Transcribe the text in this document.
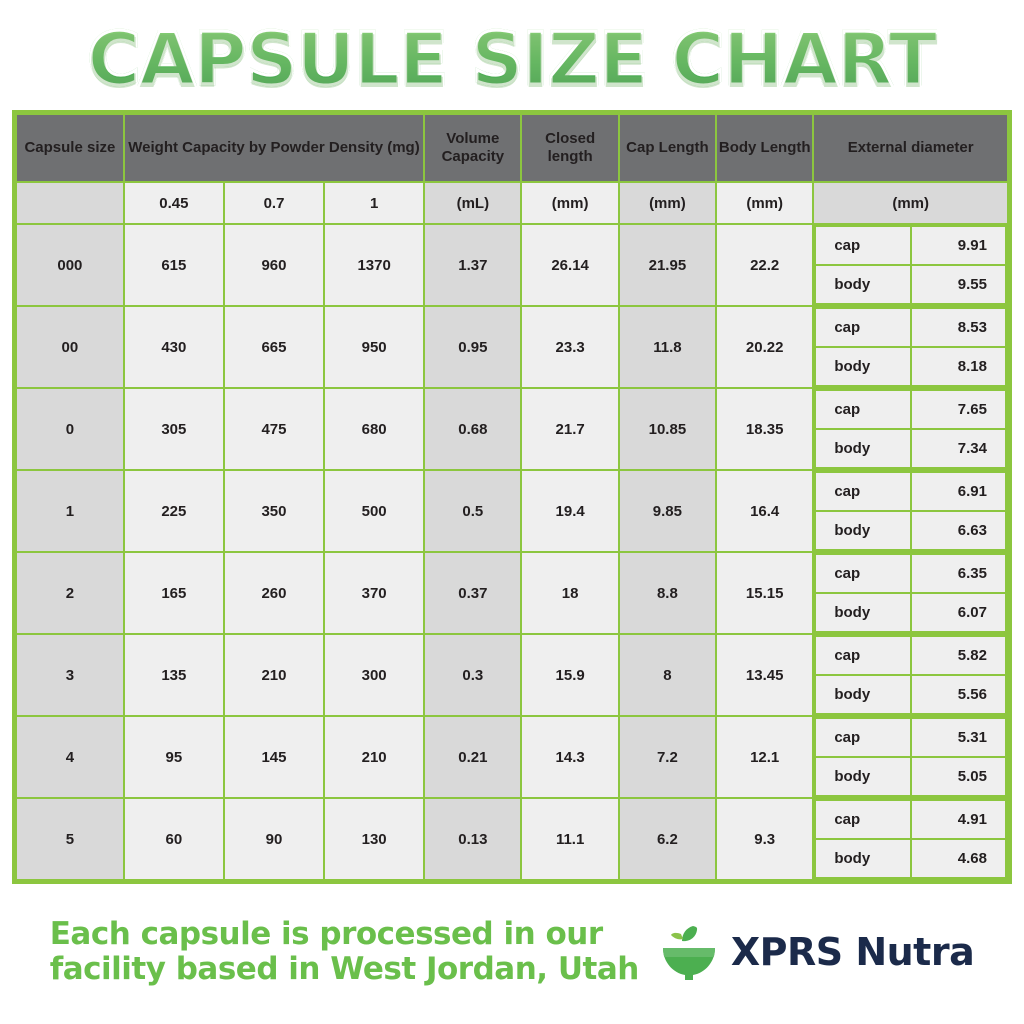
CAPSULE SIZE CHART
Capsule size	Weight Capacity by Powder Density (mg)	Volume Capacity	Closed length	Cap Length	Body Length	External diameter
	0.45	0.7	1	(mL)	(mm)	(mm)	(mm)	(mm)
000	615	960	1370	1.37	26.14	21.95	22.2	
cap	9.91
body	9.55

00	430	665	950	0.95	23.3	11.8	20.22	
cap	8.53
body	8.18

0	305	475	680	0.68	21.7	10.85	18.35	
cap	7.65
body	7.34

1	225	350	500	0.5	19.4	9.85	16.4	
cap	6.91
body	6.63

2	165	260	370	0.37	18	8.8	15.15	
cap	6.35
body	6.07

3	135	210	300	0.3	15.9	8	13.45	
cap	5.82
body	5.56

4	95	145	210	0.21	14.3	7.2	12.1	
cap	5.31
body	5.05

5	60	90	130	0.13	11.1	6.2	9.3	
cap	4.91
body	4.68
Each capsule is processed in our
facility based in West Jordan, Utah XPRS Nutra
